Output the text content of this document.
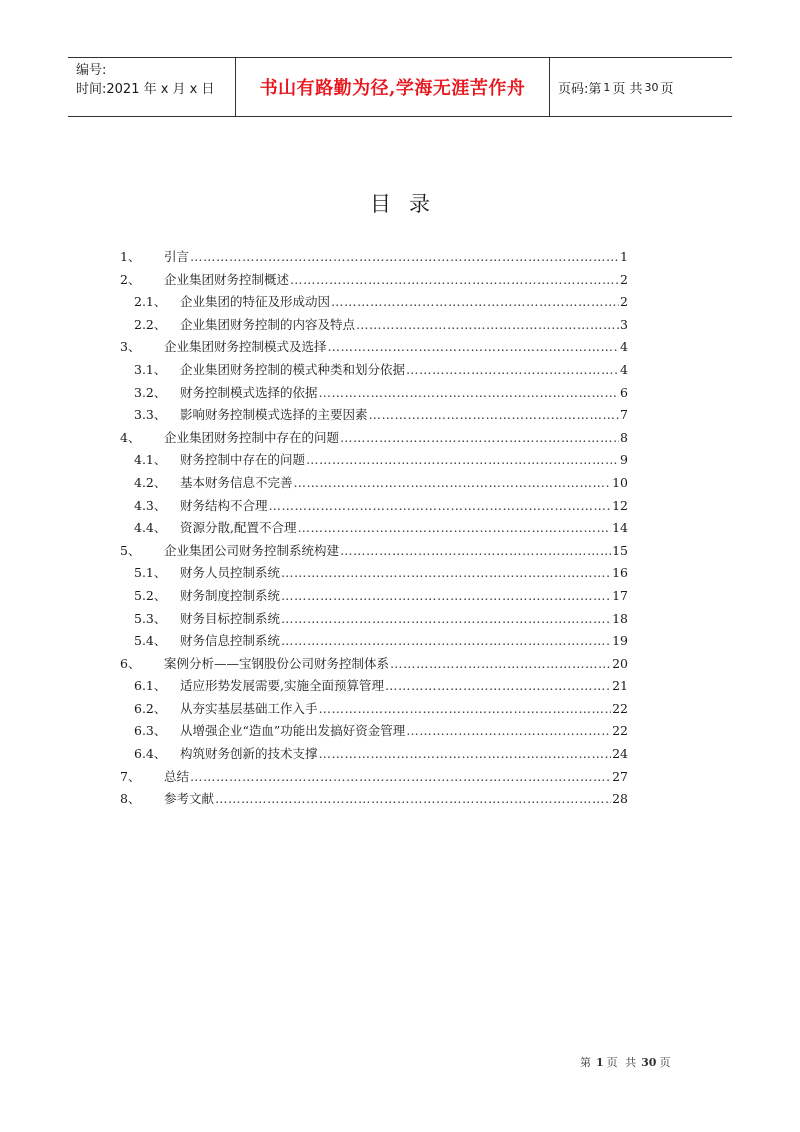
编号:
时间:2021 年 x 月 x 日	书山有路勤为径,学海无涯苦作舟	页码:第 1 页 共 30 页
目录
1、	引言 ……………………………………………………………………………………………………………………………………………………	1
2、	企业集团财务控制概述 ……………………………………………………………………………………………………………………………………………………	2
2.1、	企业集团的特征及形成动因 ……………………………………………………………………………………………………………………………………………………	2
2.2、	企业集团财务控制的内容及特点 ……………………………………………………………………………………………………………………………………………………	3
3、	企业集团财务控制模式及选择 ……………………………………………………………………………………………………………………………………………………	4
3.1、	企业集团财务控制的模式种类和划分依据 ……………………………………………………………………………………………………………………………………………………	4
3.2、	财务控制模式选择的依据 ……………………………………………………………………………………………………………………………………………………	6
3.3、	影响财务控制模式选择的主要因素 ……………………………………………………………………………………………………………………………………………………	7
4、	企业集团财务控制中存在的问题 ……………………………………………………………………………………………………………………………………………………	8
4.1、	财务控制中存在的问题 ……………………………………………………………………………………………………………………………………………………	9
4.2、	基本财务信息不完善 ……………………………………………………………………………………………………………………………………………………	10
4.3、	财务结构不合理 ……………………………………………………………………………………………………………………………………………………	12
4.4、	资源分散,配置不合理 ……………………………………………………………………………………………………………………………………………………	14
5、	企业集团公司财务控制系统构建 ……………………………………………………………………………………………………………………………………………………	15
5.1、	财务人员控制系统 ……………………………………………………………………………………………………………………………………………………	16
5.2、	财务制度控制系统 ……………………………………………………………………………………………………………………………………………………	17
5.3、	财务目标控制系统 ……………………………………………………………………………………………………………………………………………………	18
5.4、	财务信息控制系统 ……………………………………………………………………………………………………………………………………………………	19
6、	案例分析——宝钢股份公司财务控制体系 ……………………………………………………………………………………………………………………………………………………	20
6.1、	适应形势发展需要,实施全面预算管理 ……………………………………………………………………………………………………………………………………………………	21
6.2、	从夯实基层基础工作入手 ……………………………………………………………………………………………………………………………………………………	22
6.3、	从增强企业“造血”功能出发搞好资金管理 ……………………………………………………………………………………………………………………………………………………	22
6.4、	构筑财务创新的技术支撑 ……………………………………………………………………………………………………………………………………………………	24
7、	总结 ……………………………………………………………………………………………………………………………………………………	27
8、	参考文献 ……………………………………………………………………………………………………………………………………………………	28
第 1 页 共 30 页
